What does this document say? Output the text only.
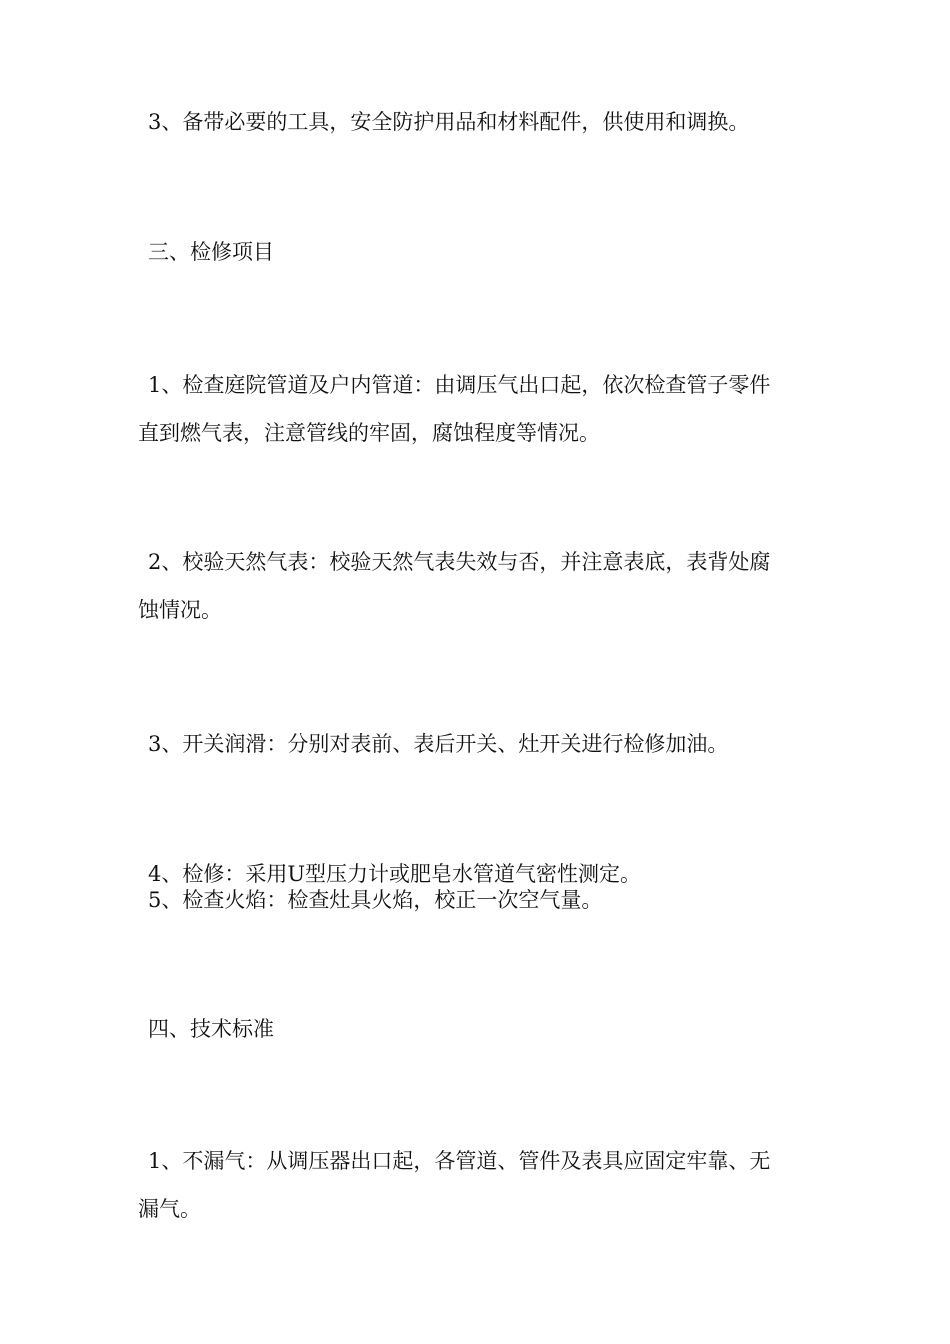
3、备带必要的工具，安全防护用品和材料配件，供使用和调换。

三、检修项目

1、检查庭院管道及户内管道：由调压气出口起，依次检查管子零件
直到燃气表，注意管线的牢固，腐蚀程度等情况。

2、校验天然气表：校验天然气表失效与否，并注意表底，表背处腐
蚀情况。

3、开关润滑：分别对表前、表后开关、灶开关进行检修加油。

4、检修：采用U型压力计或肥皂水管道气密性测定。

5、检查火焰：检查灶具火焰，校正一次空气量。

四、技术标准

1、不漏气：从调压器出口起，各管道、管件及表具应固定牢靠、无
漏气。
